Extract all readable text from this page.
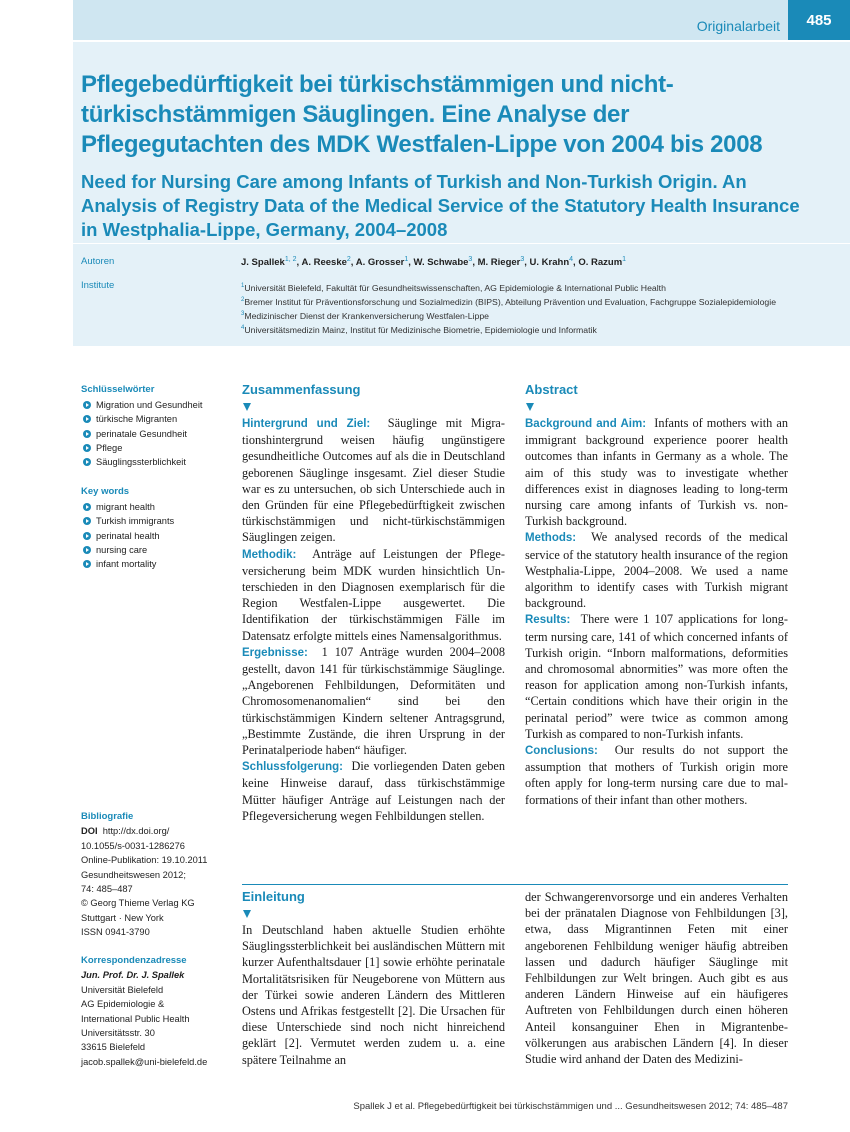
Originalarbeit	485
Pflegebedürftigkeit bei türkischstämmigen und nicht-türkischstämmigen Säuglingen. Eine Analyse der Pflegegutachten des MDK Westfalen-Lippe von 2004 bis 2008
Need for Nursing Care among Infants of Turkish and Non-Turkish Origin. An Analysis of Registry Data of the Medical Service of the Statutory Health Insurance in Westphalia-Lippe, Germany, 2004–2008
Autoren
Institute
J. Spallek$^{1, 2}$, A. Reeske$^2$, A. Grosser$^1$, W. Schwabe$^3$, M. Rieger$^3$, U. Krahn$^4$, O. Razum$^1$
$^1$Universität Bielefeld, Fakultät für Gesundheitswissenschaften, AG Epidemiologie & International Public Health
$^2$Bremer Institut für Präventionsforschung und Sozialmedizin (BIPS), Abteilung Prävention und Evaluation, Fachgruppe Sozialepidemiologie
$^3$Medizinischer Dienst der Krankenversicherung Westfalen-Lippe
$^4$Universitätsmedizin Mainz, Institut für Medizinische Biometrie, Epidemiologie und Informatik
Schlüsselwörter
Migration und Gesundheit
türkische Migranten
perinatale Gesundheit
Pflege
Säuglingssterblichkeit
Key words
migrant health
Turkish immigrants
perinatal health
nursing care
infant mortality
Bibliografie
DOI http://dx.doi.org/
10.1055/s-0031-1286276
Online-Publikation: 19.10.2011
Gesundheitswesen 2012;
74: 485–487
© Georg Thieme Verlag KG
Stuttgart · New York
ISSN 0941-3790
Korrespondenzadresse
Jun. Prof. Dr. J. Spallek
Universität Bielefeld
AG Epidemiologie &
International Public Health
Universitätsstr. 30
33615 Bielefeld
jacob.spallek@uni-bielefeld.de
Zusammenfassung

Hintergrund und Ziel: Säuglinge mit Migrationshintergrund weisen häufig ungünstigere gesundheitliche Outcomes auf als die in Deutschland geborenen Säuglinge insgesamt. Ziel dieser Studie war es zu untersuchen, ob sich Unterschiede auch in den Gründen für eine Pflegebedürftigkeit zwischen türkischstämmigen und nicht-türkischstämmigen Säuglingen zeigen.

Methodik: Anträge auf Leistungen der Pflegeversicherung beim MDK wurden hinsichtlich Unterschieden in den Diagnosen exemplarisch für die Region Westfalen-Lippe ausgewertet. Die Identifikation der türkischstämmigen Fälle im Datensatz erfolgte mittels eines Namensalgorithmus.

Ergebnisse: 1 107 Anträge wurden 2004–2008 gestellt, davon 141 für türkischstämmige Säuglinge. „Angeborenen Fehlbildungen, Deformitäten und Chromosomenanomalien“ sind bei den türkischstämmigen Kindern seltener Antragsgrund, „Bestimmte Zustände, die ihren Ursprung in der Perinatalperiode haben“ häufiger.

Schlussfolgerung: Die vorliegenden Daten geben keine Hinweise darauf, dass türkischstämmige Mütter häufiger Anträge auf Leistungen nach der Pflegeversicherung wegen Fehlbildungen stellen.

Abstract

Background and Aim: Infants of mothers with an immigrant background experience poorer health outcomes than infants in Germany as a whole. The aim of this study was to investigate whether differences exist in diagnoses leading to long-term nursing care among infants of Turkish vs. non-Turkish background.

Methods: We analysed records of the medical service of the statutory health insurance of the region Westphalia-Lippe, 2004–2008. We used a name algorithm to identify cases with Turkish migrant background.

Results: There were 1 107 applications for long-term nursing care, 141 of which concerned infants of Turkish origin. “Inborn malformations, deformities and chromosomal abnormities” was more often the reason for application among non-Turkish infants, “Certain conditions which have their origin in the perinatal period” were twice as common among Turkish as compared to non-Turkish infants.

Conclusions: Our results do not support the assumption that mothers of Turkish origin more often apply for long-term nursing care due to malformations of their infant than other mothers.

Einleitung

In Deutschland haben aktuelle Studien erhöhte Säuglingssterblichkeit bei ausländischen Müttern mit kurzer Aufenthaltsdauer [1] sowie erhöhte perinatale Mortalitätsrisiken für Neugeborene von Müttern aus der Türkei sowie anderen Ländern des Mittleren Ostens und Afrikas festgestellt [2]. Die Ursachen für diese Unterschiede sind noch nicht hinreichend geklärt [2]. Vermutet werden zudem u. a. eine spätere Teilnahme an

der Schwangerenvorsorge und ein anderes Verhalten bei der pränatalen Diagnose von Fehlbildungen [3], etwa, dass Migrantinnen Feten mit einer angeborenen Fehlbildung weniger häufig abtreiben lassen und dadurch häufiger Säuglinge mit Fehlbildungen zur Welt bringen. Auch gibt es aus anderen Ländern Hinweise auf ein häufigeres Auftreten von Fehlbildungen durch einen höheren Anteil konsanguiner Ehen in Migrantenbevölkerungen aus arabischen Ländern [4]. In dieser Studie wird anhand der Daten des Medizini-

Spallek J et al. Pflegebedürftigkeit bei türkischstämmigen und ... Gesundheitswesen 2012; 74: 485–487
